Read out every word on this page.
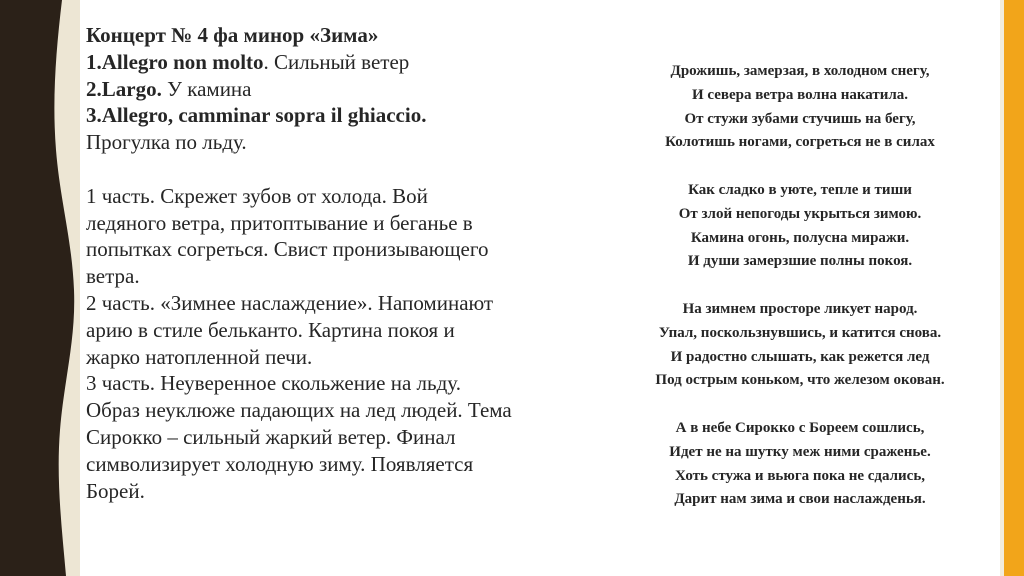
Концерт № 4 фа минор «Зима»
1.Allegro non molto. Сильный ветер
2.Largo. У камина
3.Allegro, camminar sopra il ghiaccio.
Прогулка по льду.
1 часть. Скрежет зубов от холода. Вой
ледяного ветра, притоптывание и беганье в
попытках согреться. Свист пронизывающего
ветра.
2 часть. «Зимнее наслаждение». Напоминают
арию в стиле бельканто. Картина покоя и
жарко натопленной печи.
3 часть. Неуверенное скольжение на льду.
Образ неуклюже падающих на лед людей. Тема
Сирокко – сильный жаркий ветер. Финал
символизирует холодную зиму. Появляется
Борей.
Дрожишь, замерзая, в холодном снегу,
И севера ветра волна накатила.
От стужи зубами стучишь на бегу,
Колотишь ногами, согреться не в силах
Как сладко в уюте, тепле и тиши
От злой непогоды укрыться зимою.
Камина огонь, полусна миражи.
И души замерзшие полны покоя.
На зимнем просторе ликует народ.
Упал, поскользнувшись, и катится снова.
И радостно слышать, как режется лед
Под острым коньком, что железом окован.
А в небе Сирокко с Бореем сошлись,
Идет не на шутку меж ними сраженье.
Хоть стужа и вьюга пока не сдались,
Дарит нам зима и свои наслажденья.
